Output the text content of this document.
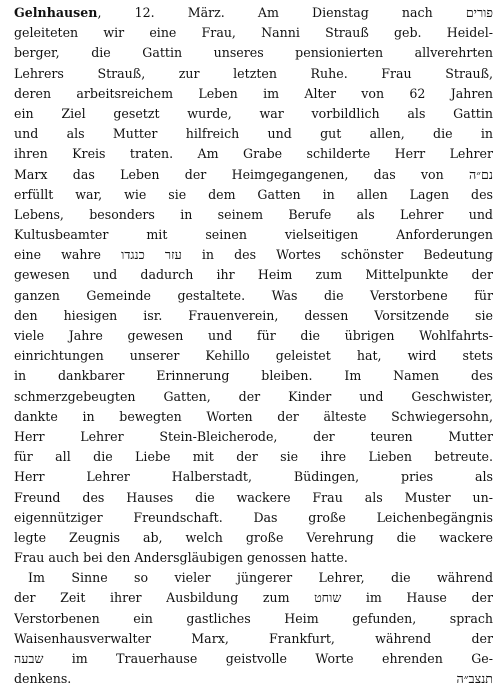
Gelnhausen, 12. März. Am Dienstag nach פורים
geleiteten wir eine Frau, Nanni Strauß geb. Heidel-
berger, die Gattin unseres pensionierten allverehrten
Lehrers Strauß, zur letzten Ruhe. Frau Strauß,
deren arbeitsreichem Leben im Alter von 62 Jahren
ein Ziel gesetzt wurde, war vorbildlich als Gattin
und als Mutter hilfreich und gut allen, die in
ihren Kreis traten. Am Grabe schilderte Herr Lehrer
Marx das Leben der Heimgegangenen, das von נם״ה
erfüllt war, wie sie dem Gatten in allen Lagen des
Lebens, besonders in seinem Berufe als Lehrer und
Kultusbeamter mit seinen vielseitigen Anforderungen
eine wahre עזר כנגדו in des Wortes schönster Bedeutung
gewesen und dadurch ihr Heim zum Mittelpunkte der
ganzen Gemeinde gestaltete. Was die Verstorbene für
den hiesigen isr. Frauenverein, dessen Vorsitzende sie
viele Jahre gewesen und für die übrigen Wohlfahrts-
einrichtungen unserer Kehillo geleistet hat, wird stets
in dankbarer Erinnerung bleiben. Im Namen des
schmerzgebeugten Gatten, der Kinder und Geschwister,
dankte in bewegten Worten der älteste Schwiegersohn,
Herr Lehrer Stein-Bleicherode, der teuren Mutter
für all die Liebe mit der sie ihre Lieben betreute.
Herr Lehrer Halberstadt, Büdingen, pries als
Freund des Hauses die wackere Frau als Muster un-
eigennütziger Freundschaft. Das große Leichenbegängnis
legte Zeugnis ab, welch große Verehrung die wackere
Frau auch bei den Andersgläubigen genossen hatte.
Im Sinne so vieler jüngerer Lehrer, die während
der Zeit ihrer Ausbildung zum שוחט im Hause der
Verstorbenen ein gastliches Heim gefunden, sprach
Waisenhausverwalter Marx, Frankfurt, während der
שבעה im Trauerhause geistvolle Worte ehrenden Ge-
denkens. תנצב״ה
